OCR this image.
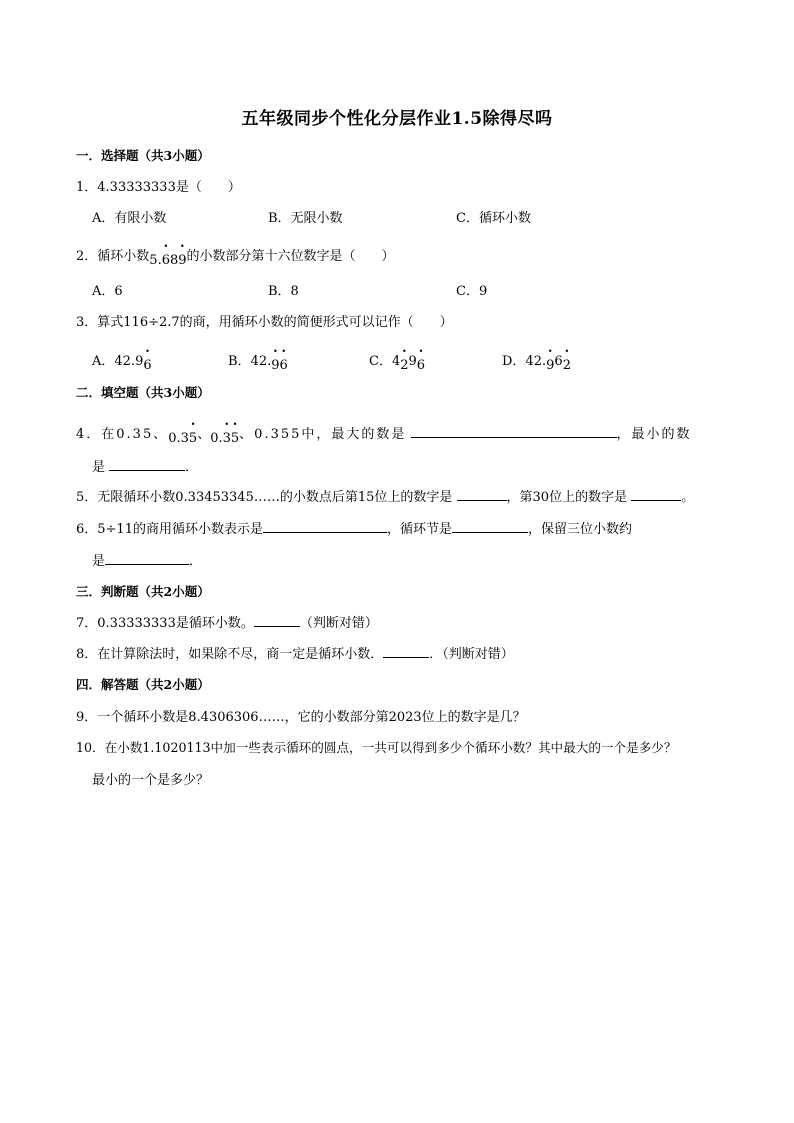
五年级同步个性化分层作业1.5除得尽吗
一．选择题（共3小题）
1．4.33333333是（　　）
A．有限小数	B．无限小数	C．循环小数
2．循环小数5.• 68• 9的小数部分第十六位数字是（　　）
A．6	B．8	C．9
3．算式116÷2.7的商，用循环小数的简便形式可以记作（　　）
A．42.9• 6	B．42.• 9• 6	C．4• 29• 6	D．42.• 96• 2
二．填空题（共3小题）
4．在0.35、0.3• 5、0.• 3• 5、0.355中，最大的数是	，最小的数
是	．
5．无限循环小数0.33453345……的小数点后第15位上的数字是	，第30位上的数字是	。
6．5÷11的商用循环小数表示是	，循环节是	，保留三位小数约
是	．
三．判断题（共2小题）
7．0.33333333是循环小数。	（判断对错）
8．在计算除法时，如果除不尽，商一定是循环小数．	．（判断对错）
四．解答题（共2小题）
9．一个循环小数是8.4306306……，它的小数部分第2023位上的数字是几？
10．在小数1.1020113中加一些表示循环的圆点，一共可以得到多少个循环小数？其中最大的一个是多少？
最小的一个是多少？
